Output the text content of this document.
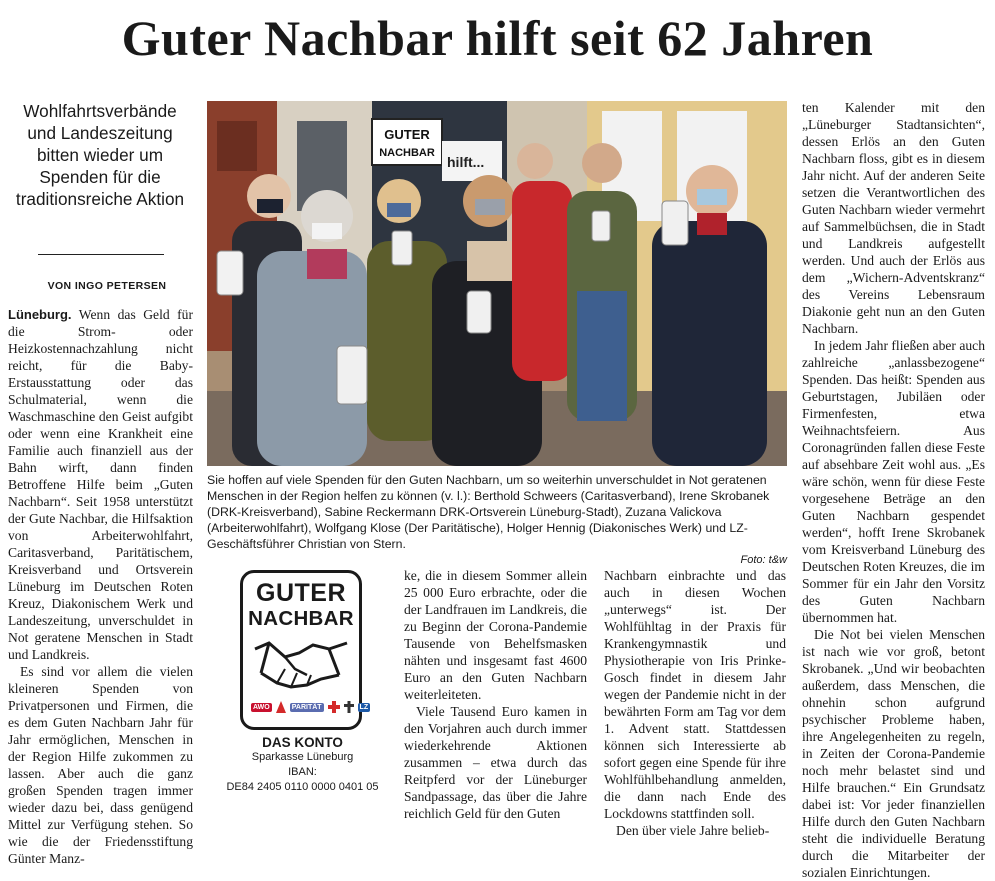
Guter Nachbar hilft seit 62 Jahren
Wohlfahrtsverbände und Landeszeitung bitten wieder um Spenden für die traditionsreiche Aktion
VON INGO PETERSEN

Lüneburg. Wenn das Geld für die Strom- oder Heizkostennachzahlung nicht reicht, für die Baby-Erstausstattung oder das Schulmaterial, wenn die Waschmaschine den Geist aufgibt oder wenn eine Krankheit eine Familie auch finanziell aus der Bahn wirft, dann finden Betroffene Hilfe beim „Guten Nachbarn“. Seit 1958 unterstützt der Gute Nachbar, die Hilfsaktion von Arbeiterwohlfahrt, Caritasverband, Paritätischem, Kreisverband und Ortsverein Lüneburg im Deutschen Roten Kreuz, Diakonischem Werk und Landeszeitung, unverschuldet in Not geratene Menschen in Stadt und Landkreis.

Es sind vor allem die vielen kleineren Spenden von Privatpersonen und Firmen, die es dem Guten Nachbarn Jahr für Jahr ermöglichen, Menschen in der Region Hilfe zukommen zu lassen. Aber auch die ganz großen Spenden tragen immer wieder dazu bei, dass genügend Mittel zur Verfügung stehen. So wie die der Friedensstiftung Günter Manz-

GUTER
NACHBAR
hilft...
Sie hoffen auf viele Spenden für den Guten Nachbarn, um so weiterhin unverschuldet in Not geratenen Menschen in der Region helfen zu können (v. l.): Berthold Schweers (Caritasverband), Irene Skrobanek (DRK-Kreisverband), Sabine Reckermann DRK-Ortsverein Lüneburg-Stadt), Zuzana Valickova (Arbeiterwohlfahrt), Wolfgang Klose (Der Paritätische), Holger Hennig (Diakonisches Werk) und LZ-Geschäftsführer Christian von Stern.
Foto: t&w
GUTER
NACHBAR
AWO	PARITÄT	LZ
DAS KONTO
Sparkasse Lüneburg
IBAN:
DE84 2405 0110 0000 0401 05

ke, die in diesem Sommer allein 25 000 Euro erbrachte, oder die der Landfrauen im Landkreis, die zu Beginn der Corona-Pandemie Tausende von Behelfsmasken nähten und insgesamt fast 4600 Euro an den Guten Nachbarn weiterleiteten.

Viele Tausend Euro kamen in den Vorjahren auch durch immer wiederkehrende Aktionen zusammen – etwa durch das Reitpferd vor der Lüneburger Sandpassage, das über die Jahre reichlich Geld für den Guten

Nachbarn einbrachte und das auch in diesen Wochen „unterwegs“ ist. Der Wohlfühltag in der Praxis für Krankengymnastik und Physiotherapie von Iris Prinke-Gosch findet in diesem Jahr wegen der Pandemie nicht in der bewährten Form am Tag vor dem 1. Advent statt. Stattdessen können sich Interessierte ab sofort gegen eine Spende für ihre Wohlfühlbehandlung anmelden, die dann nach Ende des Lockdowns stattfinden soll.

Den über viele Jahre belieb-

ten Kalender mit den „Lüneburger Stadtansichten“, dessen Erlös an den Guten Nachbarn floss, gibt es in diesem Jahr nicht. Auf der anderen Seite setzen die Verantwortlichen des Guten Nachbarn wieder vermehrt auf Sammelbüchsen, die in Stadt und Landkreis aufgestellt werden. Und auch der Erlös aus dem „Wichern-Adventskranz“ des Vereins Lebensraum Diakonie geht nun an den Guten Nachbarn.

In jedem Jahr fließen aber auch zahlreiche „anlassbezogene“ Spenden. Das heißt: Spenden aus Geburtstagen, Jubiläen oder Firmenfesten, etwa Weihnachtsfeiern. Aus Coronagründen fallen diese Feste auf absehbare Zeit wohl aus. „Es wäre schön, wenn für diese Feste vorgesehene Beträge an den Guten Nachbarn gespendet werden“, hofft Irene Skrobanek vom Kreisverband Lüneburg des Deutschen Roten Kreuzes, die im Sommer für ein Jahr den Vorsitz des Guten Nachbarn übernommen hat.

Die Not bei vielen Menschen ist nach wie vor groß, betont Skrobanek. „Und wir beobachten außerdem, dass Menschen, die ohnehin schon aufgrund psychischer Probleme haben, ihre Angelegenheiten zu regeln, in Zeiten der Corona-Pandemie noch mehr belastet sind und Hilfe brauchen.“ Ein Grundsatz dabei ist: Vor jeder finanziellen Hilfe durch den Guten Nachbarn steht die individuelle Beratung durch die Mitarbeiter der sozialen Einrichtungen.
